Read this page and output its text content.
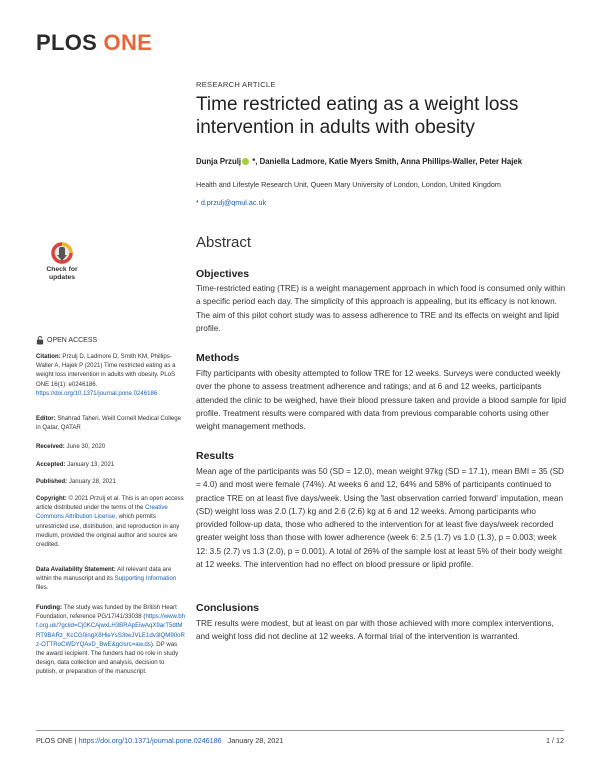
PLOS ONE
RESEARCH ARTICLE
Time restricted eating as a weight loss intervention in adults with obesity
Dunja Przulj *, Daniella Ladmore, Katie Myers Smith, Anna Phillips-Waller, Peter Hajek
Health and Lifestyle Research Unit, Queen Mary University of London, London, United Kingdom
* d.przulj@qmul.ac.uk
Abstract
Objectives
Time-restricted eating (TRE) is a weight management approach in which food is consumed only within a specific period each day. The simplicity of this approach is appealing, but its efficacy is not known. The aim of this pilot cohort study was to assess adherence to TRE and its effects on weight and lipid profile.
Methods
Fifty participants with obesity attempted to follow TRE for 12 weeks. Surveys were conducted weekly over the phone to assess treatment adherence and ratings; and at 6 and 12 weeks, participants attended the clinic to be weighed, have their blood pressure taken and provide a blood sample for lipid profile. Treatment results were compared with data from previous comparable cohorts using other weight management methods.
Results
Mean age of the participants was 50 (SD = 12.0), mean weight 97kg (SD = 17.1), mean BMI = 35 (SD = 4.0) and most were female (74%). At weeks 6 and 12, 64% and 58% of participants continued to practice TRE on at least five days/week. Using the 'last observation carried forward' imputation, mean (SD) weight loss was 2.0 (1.7) kg and 2.6 (2.6) kg at 6 and 12 weeks. Among participants who provided follow-up data, those who adhered to the intervention for at least five days/week recorded greater weight loss than those with lower adherence (week 6: 2.5 (1.7) vs 1.0 (1.3), p = 0.003; week 12: 3.5 (2.7) vs 1.3 (2.0), p = 0.001). A total of 26% of the sample lost at least 5% of their body weight at 12 weeks. The intervention had no effect on blood pressure or lipid profile.
Conclusions
TRE results were modest, but at least on par with those achieved with more complex interventions, and weight loss did not decline at 12 weeks. A formal trial of the intervention is warranted.
Check for
updates
OPEN ACCESS
Citation: Przulj D, Ladmore D, Smith KM, Phillips-Waller A, Hajek P (2021) Time restricted eating as a weight loss intervention in adults with obesity. PLoS ONE 16(1): e0246186. https://doi.org/10.1371/journal.pone.0246186
Editor: Shahrad Taheri, Weill Cornell Medical College in Qatar, QATAR
Received: June 30, 2020
Accepted: January 13, 2021
Published: January 28, 2021
Copyright: © 2021 Przulj et al. This is an open access article distributed under the terms of the Creative Commons Attribution License, which permits unrestricted use, distribution, and reproduction in any medium, provided the original author and source are credited.
Data Availability Statement: All relevant data are within the manuscript and its Supporting Information files.
Funding: The study was funded by the British Heart Foundation, reference PG/17/41/33038 (https://www.bhf.org.uk/?gclid=Cj0KCAjwxLH3BRApEiwAqX9arT5dtMRT9BARz_KcCG0ingX8HleYsS3twJVLE1dv3lQM90oRz-OTTRoCWDYQAvD_BwE&gclsrc=aw.ds). DP was the award recipient. The funders had no role in study design, data collection and analysis, decision to publish, or preparation of the manuscript.
PLOS ONE | https://doi.org/10.1371/journal.pone.0246186   January 28, 2021	1 / 12
